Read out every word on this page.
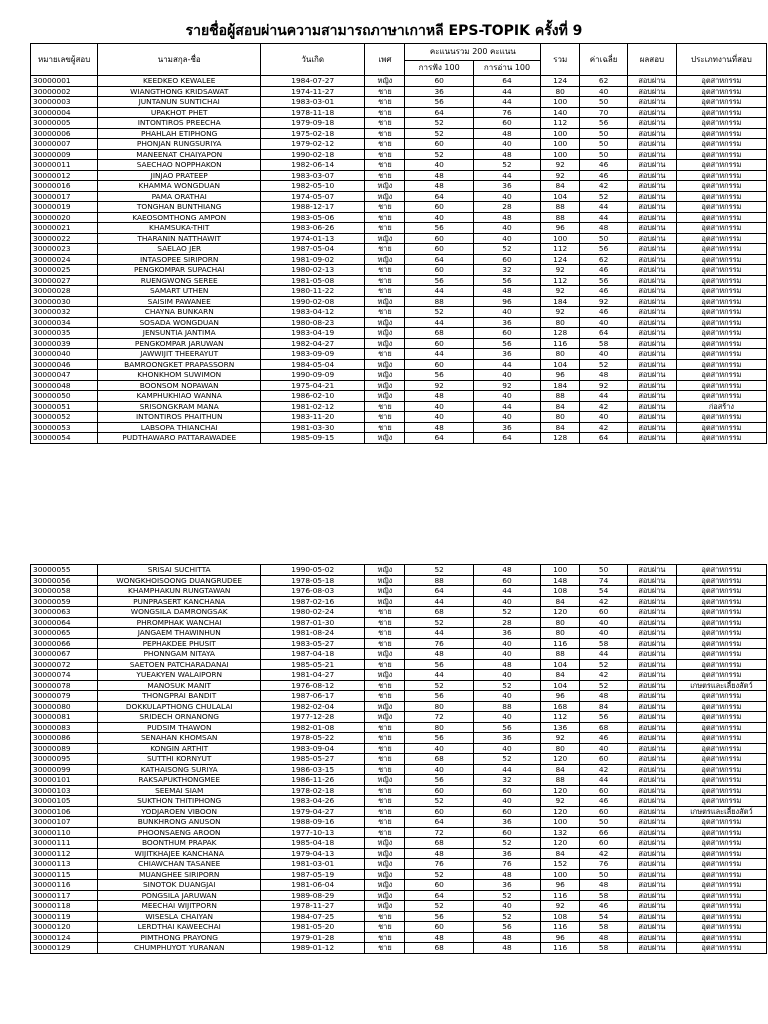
รายชื่อผู้สอบผ่านความสามารถภาษาเกาหลี EPS-TOPIK ครั้งที่ 9
หมายเลขผู้สอบ	นามสกุล-ชื่อ	วันเกิด	เพศ	คะแนนรวม 200 คะแนน		รวม	ค่าเฉลี่ย	ผลสอบ	ประเภทงานที่สอบ
				การฟัง 100	การอ่าน 100				
30000001	KEEDKEO KEWALEE	1984-07-27	หญิง	60	64	124	62	สอบผ่าน	อุตสาหกรรม
30000002	WIANGTHONG KRIDSAWAT	1974-11-27	ชาย	36	44	80	40	สอบผ่าน	อุตสาหกรรม
30000003	JUNTANUN SUNTICHAI	1983-03-01	ชาย	56	44	100	50	สอบผ่าน	อุตสาหกรรม
30000004	UPAKHOT PHET	1978-11-18	ชาย	64	76	140	70	สอบผ่าน	อุตสาหกรรม
30000005	INTONTIROS PREECHA	1979-09-18	ชาย	52	60	112	56	สอบผ่าน	อุตสาหกรรม
30000006	PHAHLAH ETIPHONG	1975-02-18	ชาย	52	48	100	50	สอบผ่าน	อุตสาหกรรม
30000007	PHONJAN RUNGSURIYA	1979-02-12	ชาย	60	40	100	50	สอบผ่าน	อุตสาหกรรม
30000009	MANEENAT CHAIYAPON	1990-02-18	ชาย	52	48	100	50	สอบผ่าน	อุตสาหกรรม
30000011	SAECHAO NOPPHAKON	1982-06-14	ชาย	40	52	92	46	สอบผ่าน	อุตสาหกรรม
30000012	JINJAO PRATEEP	1983-03-07	ชาย	48	44	92	46	สอบผ่าน	อุตสาหกรรม
30000016	KHAMMA WONGDUAN	1982-05-10	หญิง	48	36	84	42	สอบผ่าน	อุตสาหกรรม
30000017	PAMA ORATHAI	1974-05-07	หญิง	64	40	104	52	สอบผ่าน	อุตสาหกรรม
30000019	TONGHAN BUNTHIANG	1988-12-17	ชาย	60	28	88	44	สอบผ่าน	อุตสาหกรรม
30000020	KAEOSOMTHONG AMPON	1983-05-06	ชาย	40	48	88	44	สอบผ่าน	อุตสาหกรรม
30000021	KHAMSUKA-THIT	1983-06-26	ชาย	56	40	96	48	สอบผ่าน	อุตสาหกรรม
30000022	THARANIN NATTHAWIT	1974-01-13	หญิง	60	40	100	50	สอบผ่าน	อุตสาหกรรม
30000023	SAELAO JER	1987-05-04	ชาย	60	52	112	56	สอบผ่าน	อุตสาหกรรม
30000024	INTASOPEE SIRIPORN	1981-09-02	หญิง	64	60	124	62	สอบผ่าน	อุตสาหกรรม
30000025	PENGKOMPAR SUPACHAI	1980-02-13	ชาย	60	32	92	46	สอบผ่าน	อุตสาหกรรม
30000027	RUENGWONG SEREE	1981-05-08	ชาย	56	56	112	56	สอบผ่าน	อุตสาหกรรม
30000028	SAMART UTHEN	1980-11-22	ชาย	44	48	92	46	สอบผ่าน	อุตสาหกรรม
30000030	SAISIM PAWANEE	1990-02-08	หญิง	88	96	184	92	สอบผ่าน	อุตสาหกรรม
30000032	CHAYNA BUNKARN	1983-04-12	ชาย	52	40	92	46	สอบผ่าน	อุตสาหกรรม
30000034	SOSADA WONGDUAN	1980-08-23	หญิง	44	36	80	40	สอบผ่าน	อุตสาหกรรม
30000035	JENSUNTIA JANTIMA	1983-04-19	หญิง	68	60	128	64	สอบผ่าน	อุตสาหกรรม
30000039	PENGKOMPAR JARUWAN	1982-04-27	หญิง	60	56	116	58	สอบผ่าน	อุตสาหกรรม
30000040	JAWWIJIT THEERAYUT	1983-09-09	ชาย	44	36	80	40	สอบผ่าน	อุตสาหกรรม
30000046	BAMROONGKET PRAPASSORN	1984-05-04	หญิง	60	44	104	52	สอบผ่าน	อุตสาหกรรม
30000047	KHONKHOM SUWIMON	1990-09-09	หญิง	56	40	96	48	สอบผ่าน	อุตสาหกรรม
30000048	BOONSOM NOPAWAN	1975-04-21	หญิง	92	92	184	92	สอบผ่าน	อุตสาหกรรม
30000050	KAMPHUKHIAO WANNA	1986-02-10	หญิง	48	40	88	44	สอบผ่าน	อุตสาหกรรม
30000051	SRISONGKRAM MANA	1981-02-12	ชาย	40	44	84	42	สอบผ่าน	ก่อสร้าง
30000052	INTONTIROS PHAITHUN	1983-11-20	ชาย	40	40	80	40	สอบผ่าน	อุตสาหกรรม
30000053	LABSOPA THIANCHAI	1981-03-30	ชาย	48	36	84	42	สอบผ่าน	อุตสาหกรรม
30000054	PUDTHAWARO PATTARAWADEE	1985-09-15	หญิง	64	64	128	64	สอบผ่าน	อุตสาหกรรม
30000055	SRISAI SUCHITTA	1990-05-02	หญิง	52	48	100	50	สอบผ่าน	อุตสาหกรรม
30000056	WONGKHOISOONG DUANGRUDEE	1978-05-18	หญิง	88	60	148	74	สอบผ่าน	อุตสาหกรรม
30000058	KHAMPHAKUN RUNGTAWAN	1976-08-03	หญิง	64	44	108	54	สอบผ่าน	อุตสาหกรรม
30000059	PUNPRASERT KANCHANA	1987-02-16	หญิง	44	40	84	42	สอบผ่าน	อุตสาหกรรม
30000063	WONGSILA DAMRONGSAK	1980-02-24	ชาย	68	52	120	60	สอบผ่าน	อุตสาหกรรม
30000064	PHROMPHAK WANCHAI	1987-01-30	ชาย	52	28	80	40	สอบผ่าน	อุตสาหกรรม
30000065	JANGAEM THAWINHUN	1981-08-24	ชาย	44	36	80	40	สอบผ่าน	อุตสาหกรรม
30000066	PEPHAKDEE PHUSIT	1983-05-27	ชาย	76	40	116	58	สอบผ่าน	อุตสาหกรรม
30000067	PHONNGAM NITAYA	1987-04-18	หญิง	48	40	88	44	สอบผ่าน	อุตสาหกรรม
30000072	SAETOEN PATCHARADANAI	1985-05-21	ชาย	56	48	104	52	สอบผ่าน	อุตสาหกรรม
30000074	YUEAKYEN WALAIPORN	1981-04-27	หญิง	44	40	84	42	สอบผ่าน	อุตสาหกรรม
30000078	MANOSUK MANIT	1976-08-12	ชาย	52	52	104	52	สอบผ่าน	เกษตรและเลี้ยงสัตว์
30000079	THONGPRAI BANDIT	1987-06-17	ชาย	56	40	96	48	สอบผ่าน	อุตสาหกรรม
30000080	DOKKULAPTHONG CHULALAI	1982-02-04	หญิง	80	88	168	84	สอบผ่าน	อุตสาหกรรม
30000081	SRIDECH ORNANONG	1977-12-28	หญิง	72	40	112	56	สอบผ่าน	อุตสาหกรรม
30000083	PUDSIM THAWON	1982-01-08	ชาย	80	56	136	68	สอบผ่าน	อุตสาหกรรม
30000086	SENAHAN KHOMSAN	1978-05-22	ชาย	56	36	92	46	สอบผ่าน	อุตสาหกรรม
30000089	KONGIN ARTHIT	1983-09-04	ชาย	40	40	80	40	สอบผ่าน	อุตสาหกรรม
30000095	SUTTHI KORNYUT	1985-05-27	ชาย	68	52	120	60	สอบผ่าน	อุตสาหกรรม
30000099	KATHAISONG SURIYA	1986-03-15	ชาย	40	44	84	42	สอบผ่าน	อุตสาหกรรม
30000101	RAKSAPUKTHONGMEE	1986-11-26	หญิง	56	32	88	44	สอบผ่าน	อุตสาหกรรม
30000103	SEEMAI SIAM	1978-02-18	ชาย	60	60	120	60	สอบผ่าน	อุตสาหกรรม
30000105	SUKTHON THITIPHONG	1983-04-26	ชาย	52	40	92	46	สอบผ่าน	อุตสาหกรรม
30000106	YODJAROEN VIBOON	1979-04-27	ชาย	60	60	120	60	สอบผ่าน	เกษตรและเลี้ยงสัตว์
30000107	BUNKHRONG ANUSON	1988-09-16	ชาย	64	36	100	50	สอบผ่าน	อุตสาหกรรม
30000110	PHOONSAENG AROON	1977-10-13	ชาย	72	60	132	66	สอบผ่าน	อุตสาหกรรม
30000111	BOONTHUM PRAPAK	1985-04-18	หญิง	68	52	120	60	สอบผ่าน	อุตสาหกรรม
30000112	WIJITKHAJEE KANCHANA	1979-04-13	หญิง	48	36	84	42	สอบผ่าน	อุตสาหกรรม
30000113	CHIAWCHAN TASANEE	1981-03-01	หญิง	76	76	152	76	สอบผ่าน	อุตสาหกรรม
30000115	MUANGHEE SIRIPORN	1987-05-19	หญิง	52	48	100	50	สอบผ่าน	อุตสาหกรรม
30000116	SINOTOK DUANGJAI	1981-06-04	หญิง	60	36	96	48	สอบผ่าน	อุตสาหกรรม
30000117	PONGSILA JARUWAN	1989-08-29	หญิง	64	52	116	58	สอบผ่าน	อุตสาหกรรม
30000118	MEECHAI WIJITPORN	1978-11-27	หญิง	52	40	92	46	สอบผ่าน	อุตสาหกรรม
30000119	WISESLA CHAIYAN	1984-07-25	ชาย	56	52	108	54	สอบผ่าน	อุตสาหกรรม
30000120	LERDTHAI KAWEECHAI	1981-05-20	ชาย	60	56	116	58	สอบผ่าน	อุตสาหกรรม
30000124	PIMTHONG PRAYONG	1979-01-28	ชาย	48	48	96	48	สอบผ่าน	อุตสาหกรรม
30000129	CHUMPHUYOT YURANAN	1989-01-12	ชาย	68	48	116	58	สอบผ่าน	อุตสาหกรรม
